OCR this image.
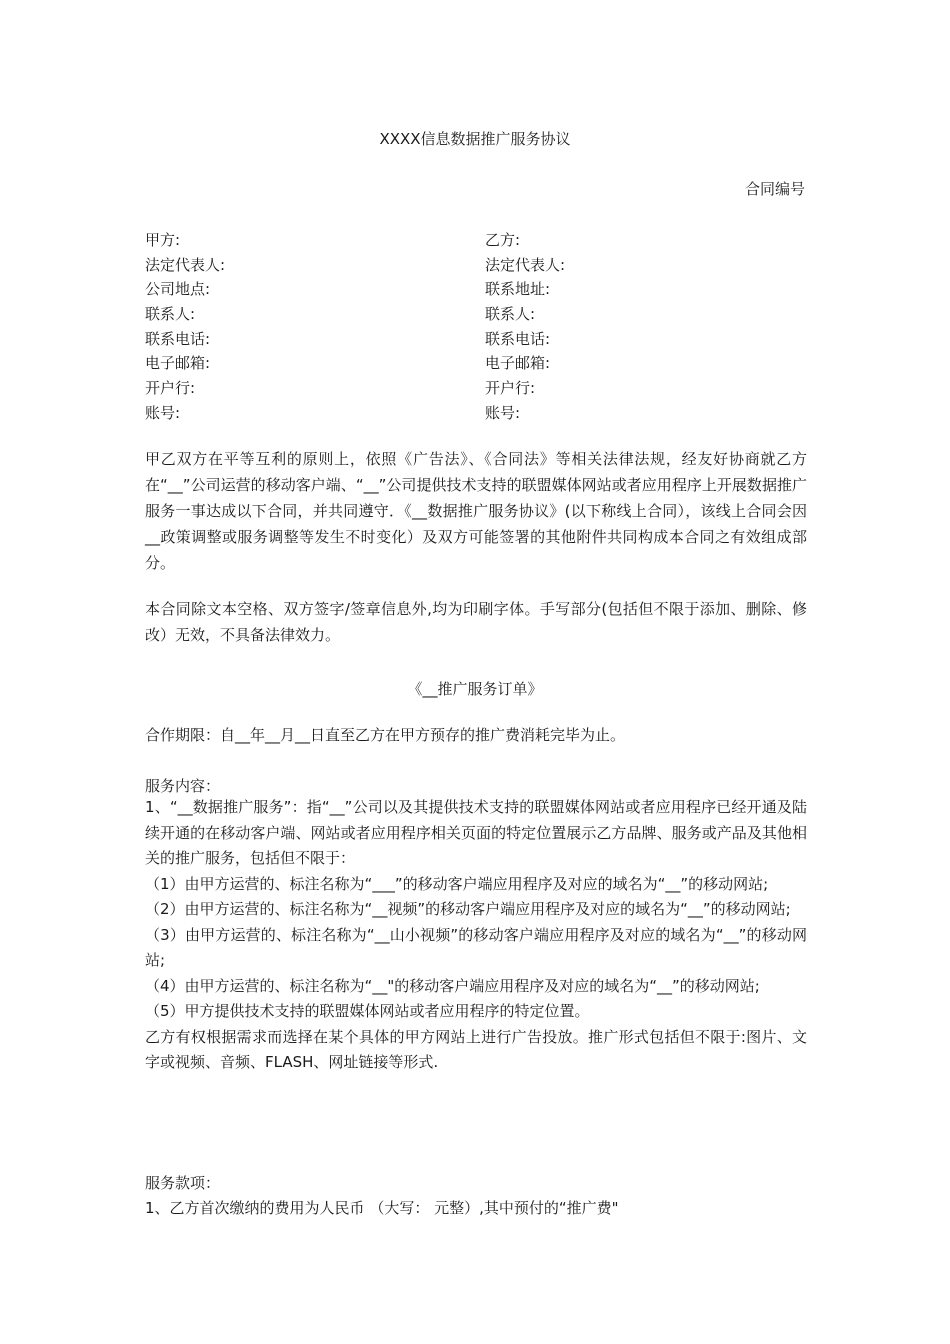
XXXX信息数据推广服务协议
合同编号
甲方:	乙方:
法定代表人:	法定代表人:
公司地点:	联系地址:
联系人:	联系人:
联系电话:	联系电话:
电子邮箱:	电子邮箱:
开户行:	开户行:
账号:	账号:

甲乙双方在平等互利的原则上，依照《广告法》、《合同法》等相关法律法规，经友好协商就乙方在“__”公司运营的移动客户端、“__”公司提供技术支持的联盟媒体网站或者应用程序上开展数据推广服务一事达成以下合同，并共同遵守．《__数据推广服务协议》(以下称线上合同），该线上合同会因__政策调整或服务调整等发生不时变化）及双方可能签署的其他附件共同构成本合同之有效组成部分。

本合同除文本空格、双方签字/签章信息外,均为印刷字体。手写部分(包括但不限于添加、删除、修改）无效，不具备法律效力。

《__推广服务订单》
合作期限：自__年__月__日直至乙方在甲方预存的推广费消耗完毕为止。
服务内容：
1、“__数据推广服务”：指“__”公司以及其提供技术支持的联盟媒体网站或者应用程序已经开通及陆续开通的在移动客户端、网站或者应用程序相关页面的特定位置展示乙方品牌、服务或产品及其他相关的推广服务，包括但不限于：
（1）由甲方运营的、标注名称为“___”的移动客户端应用程序及对应的域名为“__”的移动网站;
（2）由甲方运营的、标注名称为“__视频”的移动客户端应用程序及对应的域名为“__”的移动网站;
（3）由甲方运营的、标注名称为“__山小视频”的移动客户端应用程序及对应的域名为“__”的移动网站;
（4）由甲方运营的、标注名称为“__"的移动客户端应用程序及对应的域名为“__”的移动网站;
（5）甲方提供技术支持的联盟媒体网站或者应用程序的特定位置。
乙方有权根据需求而选择在某个具体的甲方网站上进行广告投放。推广形式包括但不限于:图片、文字或视频、音频、FLASH、网址链接等形式.
服务款项：
1、乙方首次缴纳的费用为人民币 （大写： 元整）,其中预付的“推广费"
